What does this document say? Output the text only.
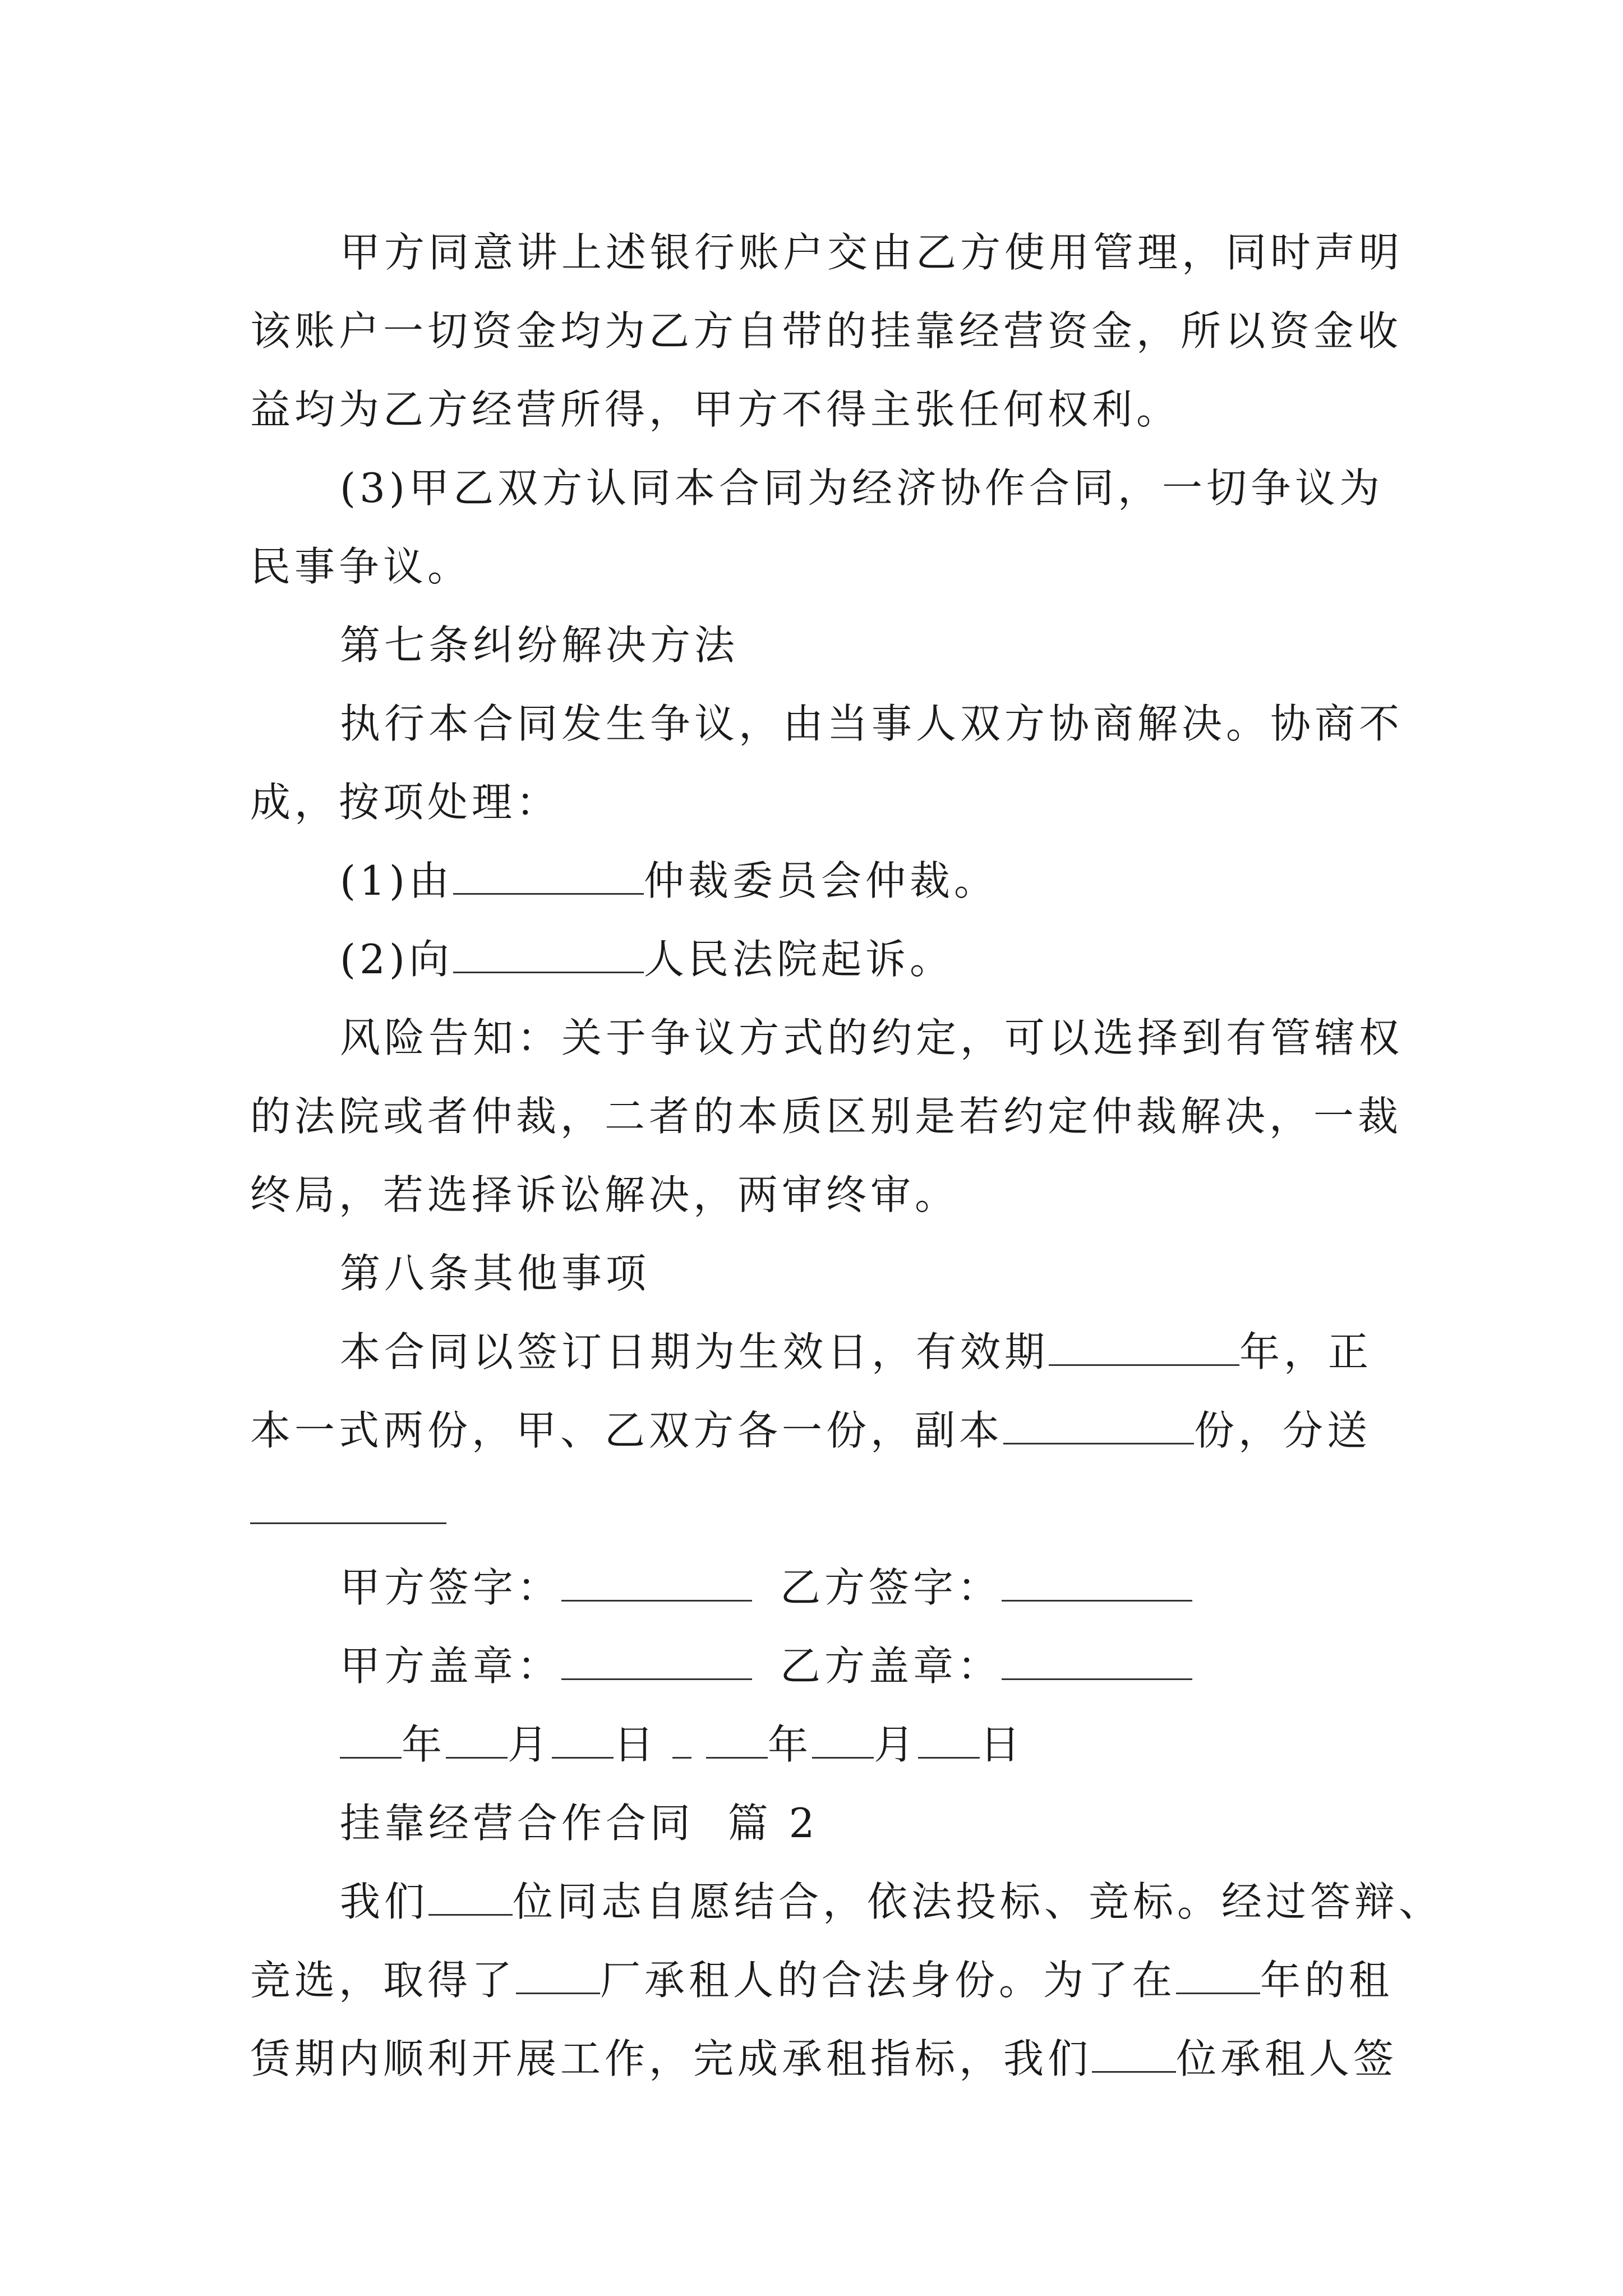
甲方同意讲上述银行账户交由乙方使用管理，同时声明
该账户一切资金均为乙方自带的挂靠经营资金，所以资金收
益均为乙方经营所得，甲方不得主张任何权利。

(3)甲乙双方认同本合同为经济协作合同，一切争议为
民事争议。

第七条纠纷解决方法

执行本合同发生争议，由当事人双方协商解决。协商不
成，按项处理：

(1)由	仲裁委员会仲裁。

(2)向	人民法院起诉。

风险告知：关于争议方式的约定，可以选择到有管辖权
的法院或者仲裁，二者的本质区别是若约定仲裁解决，一裁
终局，若选择诉讼解决，两审终审。

第八条其他事项

本合同以签订日期为生效日，有效期	年，正
本一式两份，甲、乙双方各一份，副本	份，分送

甲方签字：	乙方签字：

甲方盖章：	乙方盖章：

年 月 日	年 月 日

挂靠经营合作合同  篇 2

我们 位同志自愿结合，依法投标、竞标。经过答辩、
竞选，取得了 厂承租人的合法身份。为了在 年的租
赁期内顺利开展工作，完成承租指标，我们 位承租人签
